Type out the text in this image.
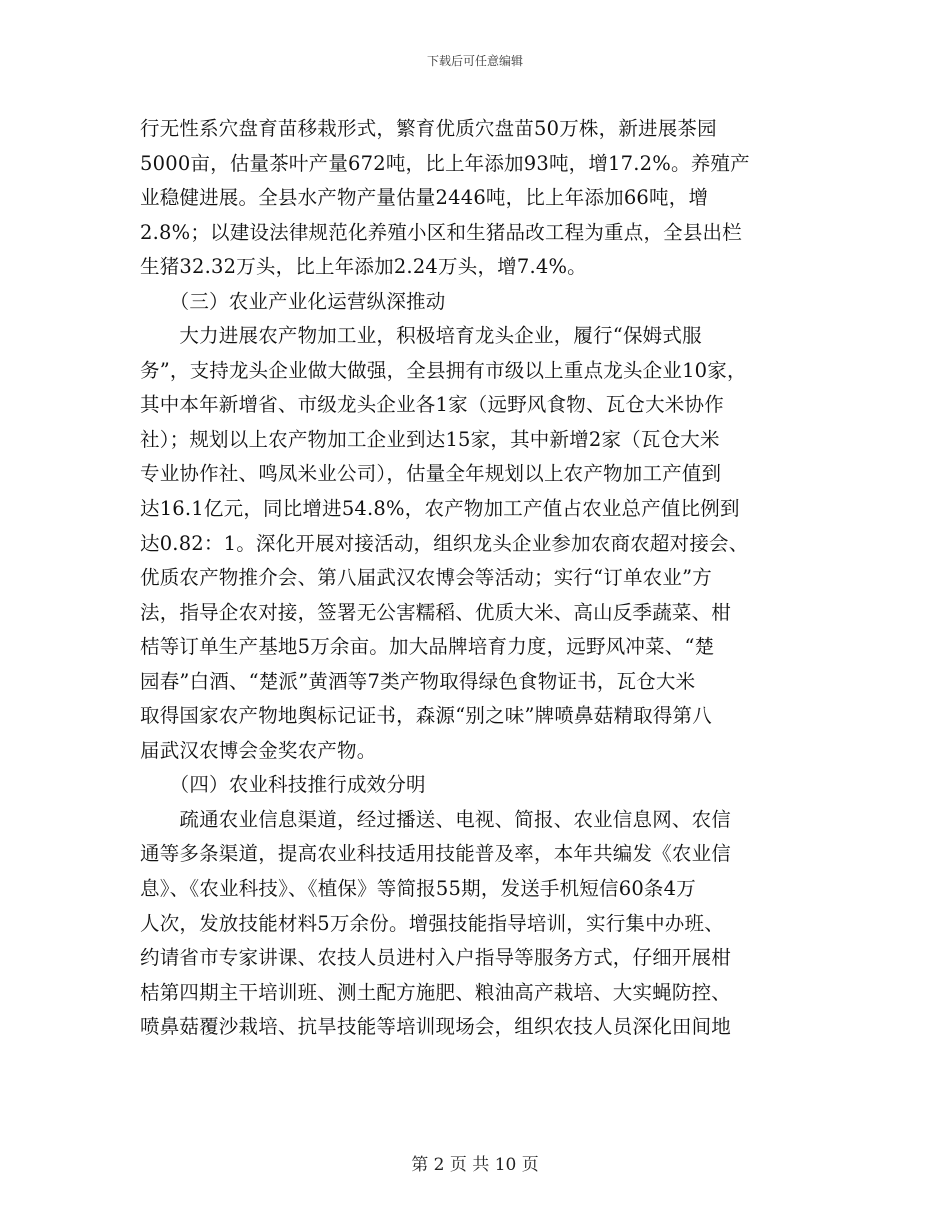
下载后可任意编辑
行无性系穴盘育苗移栽形式，繁育优质穴盘苗50万株，新进展茶园
5000亩，估量茶叶产量672吨，比上年添加93吨，增17.2%。养殖产
业稳健进展。全县水产物产量估量2446吨，比上年添加66吨，增
2.8%；以建设法律规范化养殖小区和生猪品改工程为重点，全县出栏
生猪32.32万头，比上年添加2.24万头，增7.4%。
　　（三）农业产业化运营纵深推动
　　大力进展农产物加工业，积极培育龙头企业，履行“保姆式服
务”，支持龙头企业做大做强，全县拥有市级以上重点龙头企业10家，
其中本年新增省、市级龙头企业各1家（远野风食物、瓦仓大米协作
社）；规划以上农产物加工企业到达15家，其中新增2家（瓦仓大米
专业协作社、鸣凤米业公司），估量全年规划以上农产物加工产值到
达16.1亿元，同比增进54.8%，农产物加工产值占农业总产值比例到
达0.82：1。深化开展对接活动，组织龙头企业参加农商农超对接会、
优质农产物推介会、第八届武汉农博会等活动；实行“订单农业”方
法，指导企农对接，签署无公害糯稻、优质大米、高山反季蔬菜、柑
桔等订单生产基地5万余亩。加大品牌培育力度，远野风冲菜、“楚
园春”白酒、“楚派”黄酒等7类产物取得绿色食物证书，瓦仓大米
取得国家农产物地舆标记证书，森源“别之味”牌喷鼻菇精取得第八
届武汉农博会金奖农产物。
　　（四）农业科技推行成效分明
　　疏通农业信息渠道，经过播送、电视、简报、农业信息网、农信
通等多条渠道，提高农业科技适用技能普及率，本年共编发《农业信
息》、《农业科技》、《植保》等简报55期，发送手机短信60条4万
人次，发放技能材料5万余份。增强技能指导培训，实行集中办班、
约请省市专家讲课、农技人员进村入户指导等服务方式，仔细开展柑
桔第四期主干培训班、测土配方施肥、粮油高产栽培、大实蝇防控、
喷鼻菇覆沙栽培、抗旱技能等培训现场会，组织农技人员深化田间地
第 2 页 共 10 页
